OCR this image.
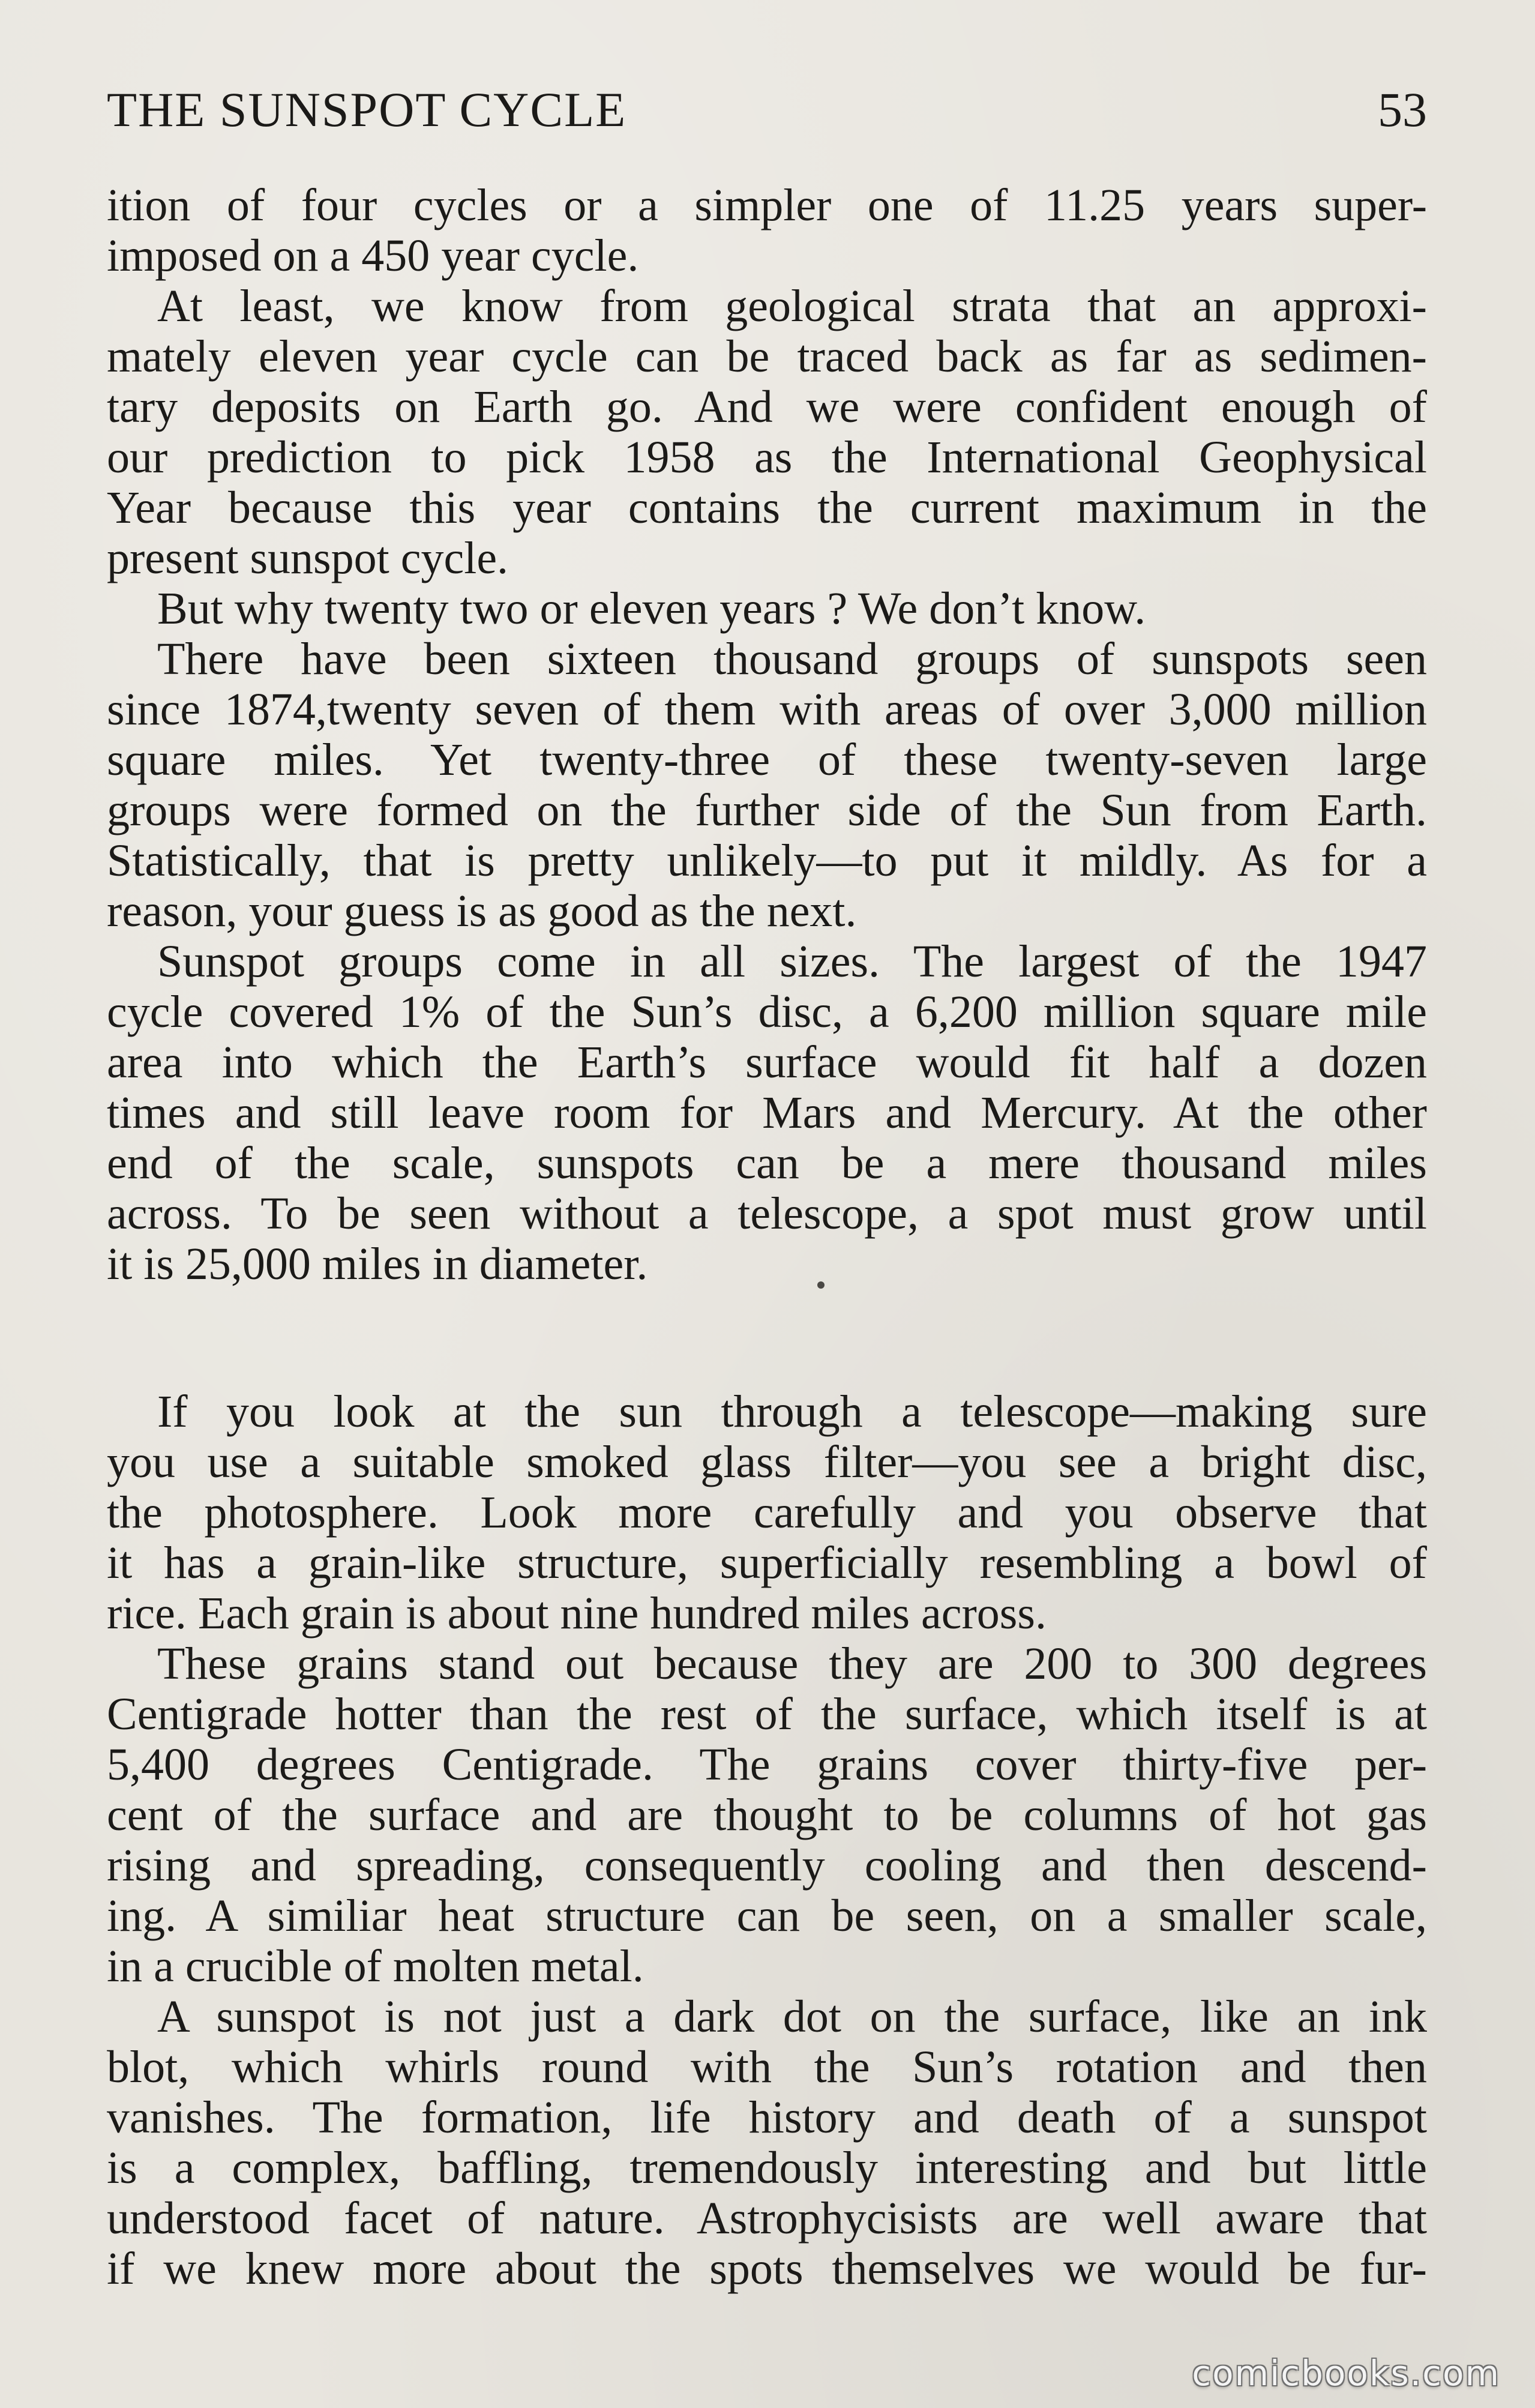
THE SUNSPOT CYCLE	53
ition of four cycles or a simpler one of 11.25 years super-
imposed on a 450 year cycle.
At least, we know from geological strata that an approxi-
mately eleven year cycle can be traced back as far as sedimen-
tary deposits on Earth go. And we were confident enough of
our prediction to pick 1958 as the International Geophysical
Year because this year contains the current maximum in the
present sunspot cycle.
But why twenty two or eleven years ? We don’t know.
There have been sixteen thousand groups of sunspots seen
since 1874,twenty seven of them with areas of over 3,000 million
square miles. Yet twenty-three of these twenty-seven large
groups were formed on the further side of the Sun from Earth.
Statistically, that is pretty unlikely—to put it mildly. As for a
reason, your guess is as good as the next.
Sunspot groups come in all sizes. The largest of the 1947
cycle covered 1% of the Sun’s disc, a 6,200 million square mile
area into which the Earth’s surface would fit half a dozen
times and still leave room for Mars and Mercury. At the other
end of the scale, sunspots can be a mere thousand miles
across. To be seen without a telescope, a spot must grow until
it is 25,000 miles in diameter.
If you look at the sun through a telescope—making sure
you use a suitable smoked glass filter—you see a bright disc,
the photosphere. Look more carefully and you observe that
it has a grain-like structure, superficially resembling a bowl of
rice. Each grain is about nine hundred miles across.
These grains stand out because they are 200 to 300 degrees
Centigrade hotter than the rest of the surface, which itself is at
5,400 degrees Centigrade. The grains cover thirty-five per-
cent of the surface and are thought to be columns of hot gas
rising and spreading, consequently cooling and then descend-
ing. A similiar heat structure can be seen, on a smaller scale,
in a crucible of molten metal.
A sunspot is not just a dark dot on the surface, like an ink
blot, which whirls round with the Sun’s rotation and then
vanishes. The formation, life history and death of a sunspot
is a complex, baffling, tremendously interesting and but little
understood facet of nature. Astrophycisists are well aware that
if we knew more about the spots themselves we would be fur-
comicbooks.com
